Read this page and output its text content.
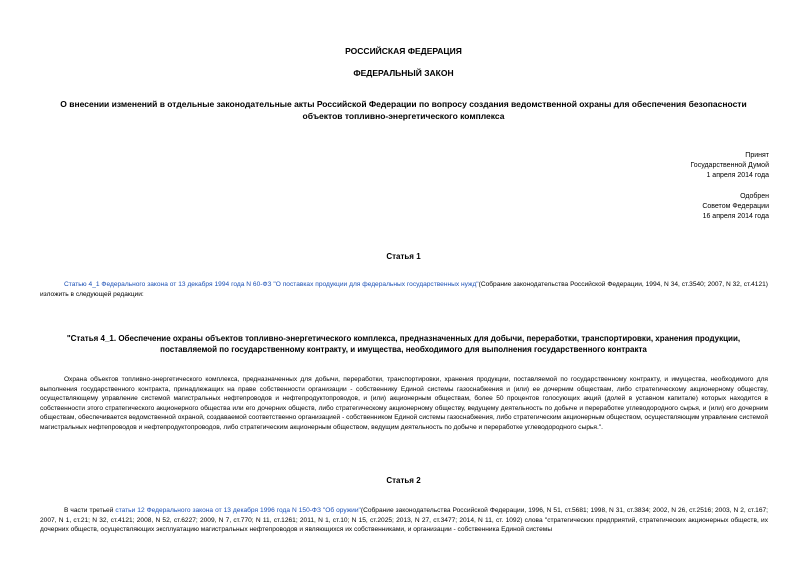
РОССИЙСКАЯ ФЕДЕРАЦИЯ
ФЕДЕРАЛЬНЫЙ ЗАКОН
О внесении изменений в отдельные законодательные акты Российской Федерации по вопросу создания ведомственной охраны для обеспечения безопасности объектов топливно-энергетического комплекса
Принят
Государственной Думой
1 апреля 2014 года
Одобрен
Советом Федерации
16 апреля 2014 года
Статья 1
Статью 4_1 Федерального закона от 13 декабря 1994 года N 60-ФЗ "О поставках продукции для федеральных государственных нужд"(Собрание законодательства Российской Федерации, 1994, N 34, ст.3540; 2007, N 32, ст.4121) изложить в следующей редакции:
"Статья 4_1. Обеспечение охраны объектов топливно-энергетического комплекса, предназначенных для добычи, переработки, транспортировки, хранения продукции, поставляемой по государственному контракту, и имущества, необходимого для выполнения государственного контракта
Охрана объектов топливно-энергетического комплекса, предназначенных для добычи, переработки, транспортировки, хранения продукции, поставляемой по государственному контракту, и имущества, необходимого для выполнения государственного контракта, принадлежащих на праве собственности организации - собственнику Единой системы газоснабжения и (или) ее дочерним обществам, либо стратегическому акционерному обществу, осуществляющему управление системой магистральных нефтепроводов и нефтепродуктопроводов, и (или) акционерным обществам, более 50 процентов голосующих акций (долей в уставном капитале) которых находится в собственности этого стратегического акционерного общества или его дочерних обществ, либо стратегическому акционерному обществу, ведущему деятельность по добыче и переработке углеводородного сырья, и (или) его дочерним обществам, обеспечивается ведомственной охраной, создаваемой соответственно организацией - собственником Единой системы газоснабжения, либо стратегическим акционерным обществом, осуществляющим управление системой магистральных нефтепроводов и нефтепродуктопроводов, либо стратегическим акционерным обществом, ведущим деятельность по добыче и переработке углеводородного сырья.".
Статья 2
В части третьей статьи 12 Федерального закона от 13 декабря 1996 года N 150-ФЗ "Об оружии"(Собрание законодательства Российской Федерации, 1996, N 51, ст.5681; 1998, N 31, ст.3834; 2002, N 26, ст.2516; 2003, N 2, ст.167; 2007, N 1, ст.21; N 32, ст.4121; 2008, N 52, ст.6227; 2009, N 7, ст.770; N 11, ст.1261; 2011, N 1, ст.10; N 15, ст.2025; 2013, N 27, ст.3477; 2014, N 11, ст. 1092) слова "стратегических предприятий, стратегических акционерных обществ, их дочерних обществ, осуществляющих эксплуатацию магистральных нефтепроводов и являющихся их собственниками, и организации - собственника Единой системы
